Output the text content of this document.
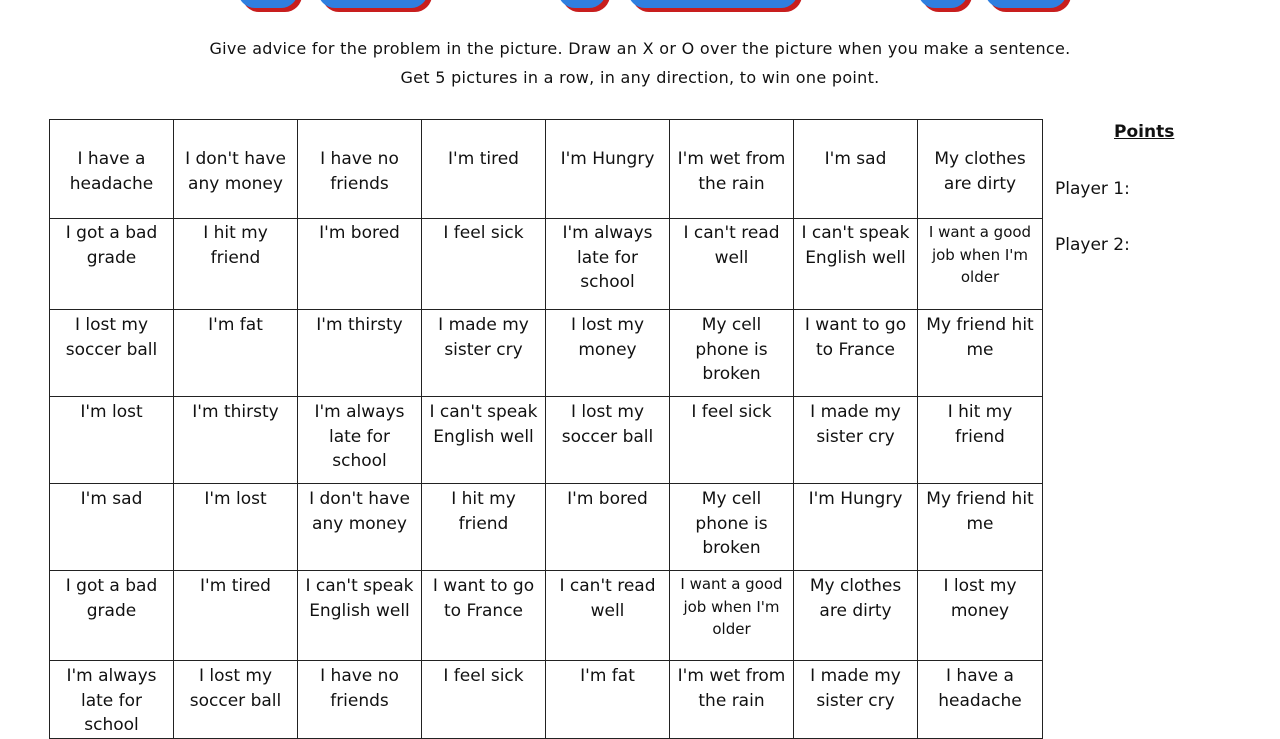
Give advice for the problem in the picture. Draw an X or O over the picture when you make a sentence.
Get 5 pictures in a row, in any direction, to win one point.
I have a headache	I don't have any money	I have no friends	I'm tired	I'm Hungry	I'm wet from the rain	I'm sad	My clothes are dirty
I got a bad grade	I hit my friend	I'm bored	I feel sick	I'm always late for school	I can't read well	I can't speak English well	I want a good job when I'm older
I lost my soccer ball	I'm fat	I'm thirsty	I made my sister cry	I lost my money	My cell phone is broken	I want to go to France	My friend hit me
I'm lost	I'm thirsty	I'm always late for school	I can't speak English well	I lost my soccer ball	I feel sick	I made my sister cry	I hit my friend
I'm sad	I'm lost	I don't have any money	I hit my friend	I'm bored	My cell phone is broken	I'm Hungry	My friend hit me
I got a bad grade	I'm tired	I can't speak English well	I want to go to France	I can't read well	I want a good job when I'm older	My clothes are dirty	I lost my money
I'm always late for school	I lost my soccer ball	I have no friends	I feel sick	I'm fat	I'm wet from the rain	I made my sister cry	I have a headache
Points
Player 1:
Player 2:
